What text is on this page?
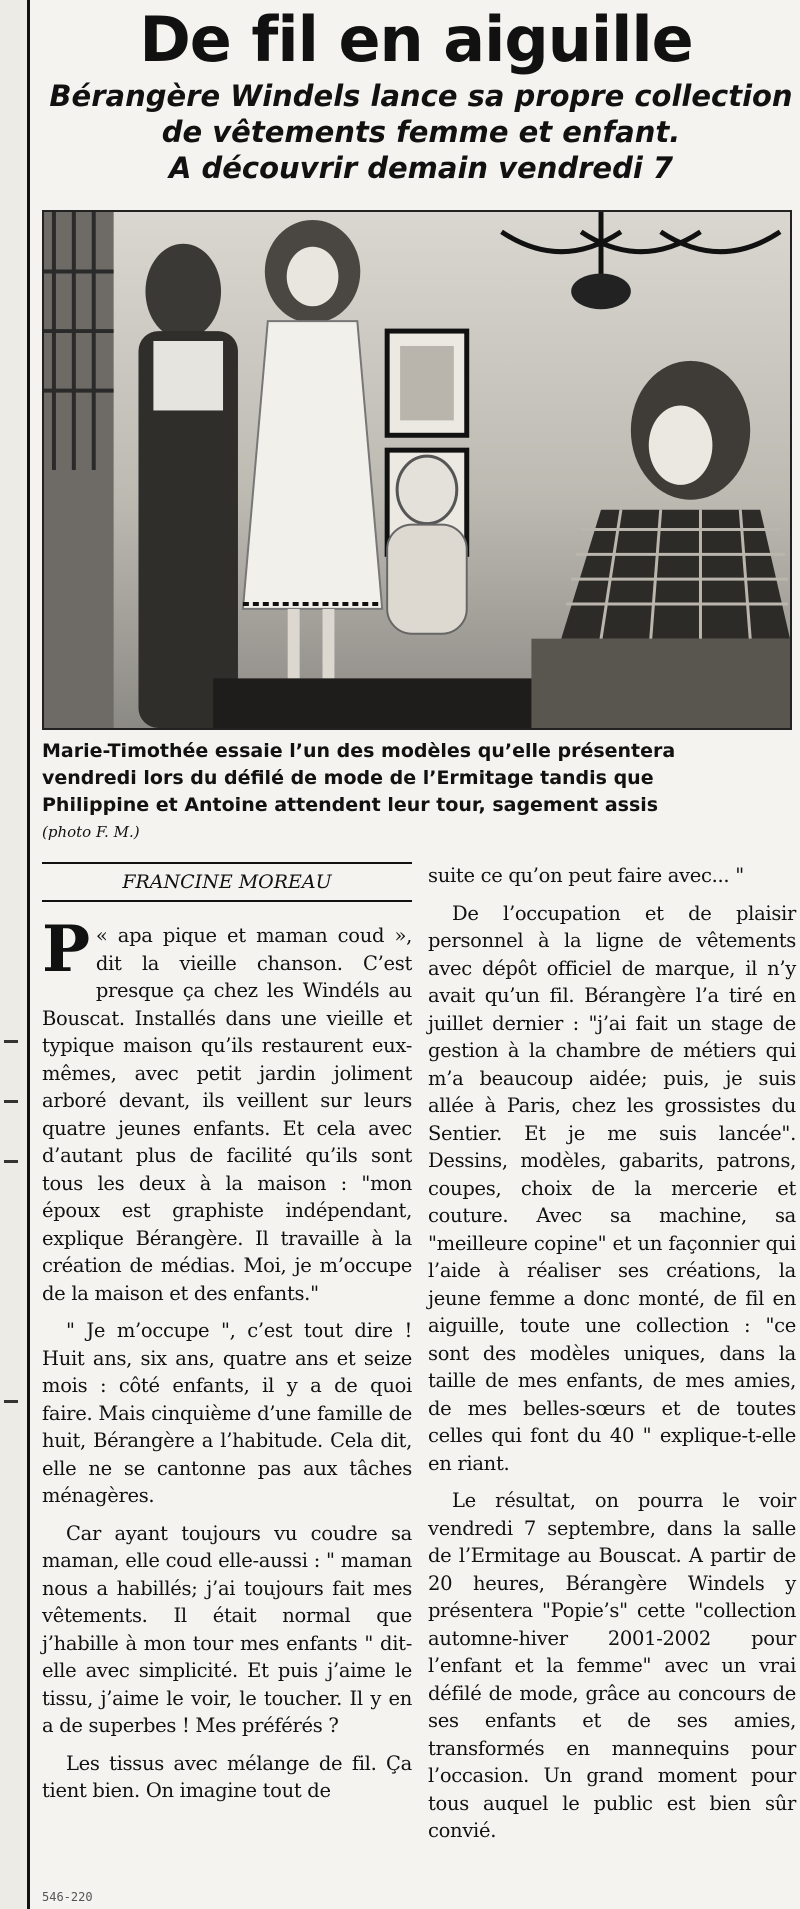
De fil en aiguille
Bérangère Windels lance sa propre collection
de vêtements femme et enfant.
A découvrir demain vendredi 7
Marie-Timothée essaie l’un des modèles qu’elle présentera
vendredi lors du défilé de mode de l’Ermitage tandis que
Philippine et Antoine attendent leur tour, sagement assis
(photo F. M.)
FRANCINE MOREAU

«
P apa pique et maman coud », dit la vieille chanson. C’est presque ça chez les Windéls au Bouscat. Installés dans une vieille et typique maison qu’ils restaurent eux-mêmes, avec petit jardin joliment arboré devant, ils veillent sur leurs quatre jeunes enfants. Et cela avec d’autant plus de facilité qu’ils sont tous les deux à la maison : "mon époux est graphiste indépendant, explique Bérangère. Il travaille à la création de médias. Moi, je m’occupe de la maison et des enfants."

" Je m’occupe ", c’est tout dire ! Huit ans, six ans, quatre ans et seize mois : côté enfants, il y a de quoi faire. Mais cinquième d’une famille de huit, Bérangère a l’habitude. Cela dit, elle ne se cantonne pas aux tâches ménagères.

Car ayant toujours vu coudre sa maman, elle coud elle-aussi : " maman nous a habillés; j’ai toujours fait mes vêtements. Il était normal que j’habille à mon tour mes enfants " dit-elle avec simplicité. Et puis j’aime le tissu, j’aime le voir, le toucher. Il y en a de superbes ! Mes préférés ?

Les tissus avec mélange de fil. Ça tient bien. On imagine tout de

suite ce qu’on peut faire avec... "

De l’occupation et de plaisir personnel à la ligne de vêtements avec dépôt officiel de marque, il n’y avait qu’un fil. Bérangère l’a tiré en juillet dernier : "j’ai fait un stage de gestion à la chambre de métiers qui m’a beaucoup aidée; puis, je suis allée à Paris, chez les grossistes du Sentier. Et je me suis lancée". Dessins, modèles, gabarits, patrons, coupes, choix de la mercerie et couture. Avec sa machine, sa "meilleure copine" et un façonnier qui l’aide à réaliser ses créations, la jeune femme a donc monté, de fil en aiguille, toute une collection : "ce sont des modèles uniques, dans la taille de mes enfants, de mes amies, de mes belles-sœurs et de toutes celles qui font du 40 " explique-t-elle en riant.

Le résultat, on pourra le voir vendredi 7 septembre, dans la salle de l’Ermitage au Bouscat. A partir de 20 heures, Bérangère Windels y présentera "Popie’s" cette "collection automne-hiver 2001-2002 pour l’enfant et la femme" avec un vrai défilé de mode, grâce au concours de ses enfants et de ses amies, transformés en mannequins pour l’occasion. Un grand moment pour tous auquel le public est bien sûr convié.

546-220
